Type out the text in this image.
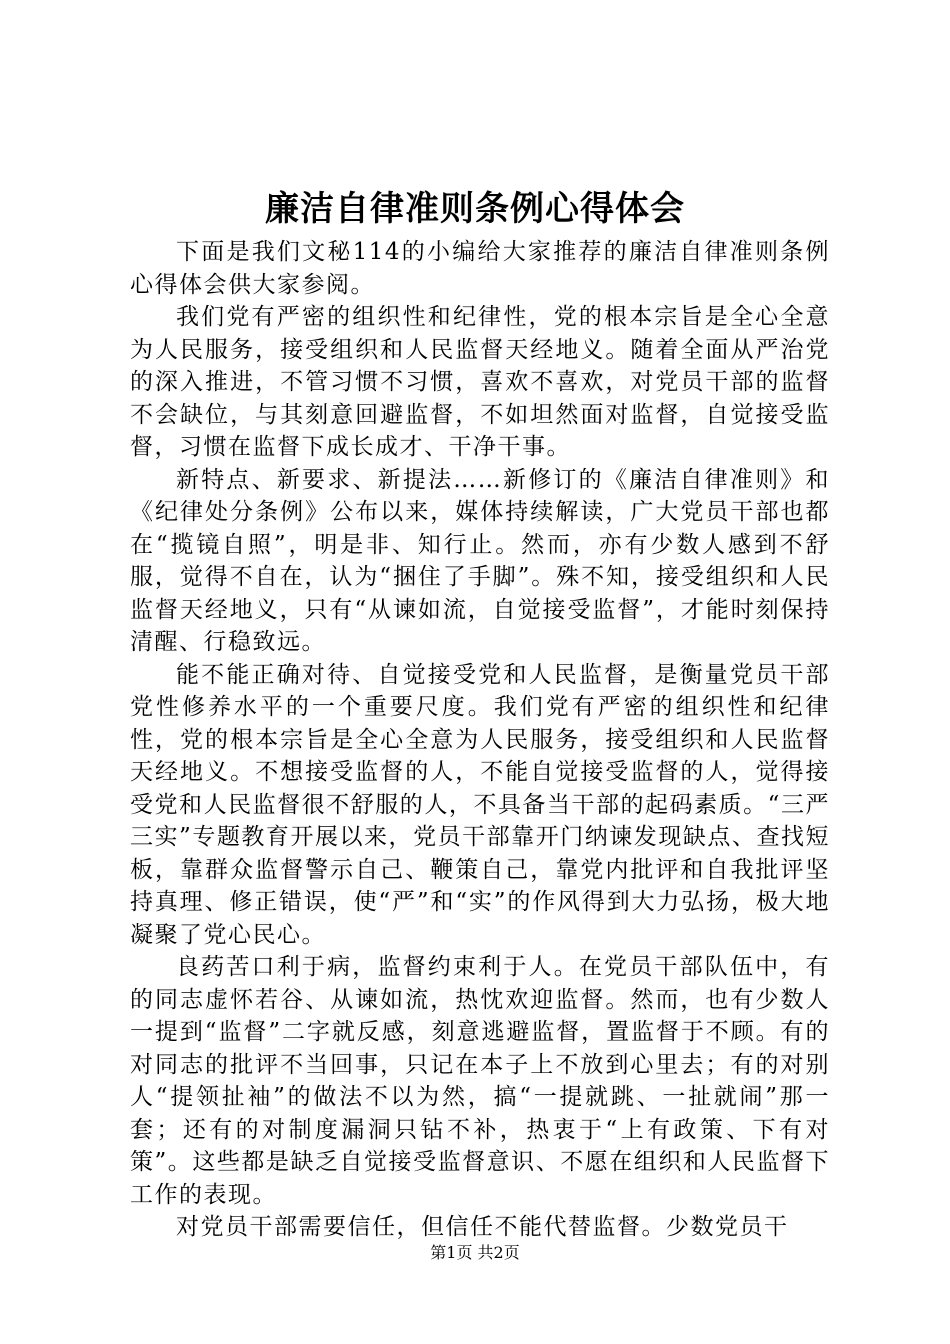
廉洁自律准则条例心得体会

下面是我们文秘114的小编给大家推荐的廉洁自律准则条例心得体会供大家参阅。

我们党有严密的组织性和纪律性，党的根本宗旨是全心全意为人民服务，接受组织和人民监督天经地义。随着全面从严治党的深入推进，不管习惯不习惯，喜欢不喜欢，对党员干部的监督不会缺位，与其刻意回避监督，不如坦然面对监督，自觉接受监督，习惯在监督下成长成才、干净干事。

新特点、新要求、新提法……新修订的《廉洁自律准则》和《纪律处分条例》公布以来，媒体持续解读，广大党员干部也都在“揽镜自照”，明是非、知行止。然而，亦有少数人感到不舒服，觉得不自在，认为“捆住了手脚”。殊不知，接受组织和人民监督天经地义，只有“从谏如流，自觉接受监督”，才能时刻保持清醒、行稳致远。

能不能正确对待、自觉接受党和人民监督，是衡量党员干部党性修养水平的一个重要尺度。我们党有严密的组织性和纪律性，党的根本宗旨是全心全意为人民服务，接受组织和人民监督天经地义。不想接受监督的人，不能自觉接受监督的人，觉得接受党和人民监督很不舒服的人，不具备当干部的起码素质。“三严三实”专题教育开展以来，党员干部靠开门纳谏发现缺点、查找短板，靠群众监督警示自己、鞭策自己，靠党内批评和自我批评坚持真理、修正错误，使“严”和“实”的作风得到大力弘扬，极大地凝聚了党心民心。

良药苦口利于病，监督约束利于人。在党员干部队伍中，有的同志虚怀若谷、从谏如流，热忱欢迎监督。然而，也有少数人一提到“监督”二字就反感，刻意逃避监督，置监督于不顾。有的对同志的批评不当回事，只记在本子上不放到心里去；有的对别人“提领扯袖”的做法不以为然，搞“一提就跳、一扯就闹”那一套；还有的对制度漏洞只钻不补，热衷于“上有政策、下有对策”。这些都是缺乏自觉接受监督意识、不愿在组织和人民监督下工作的表现。

对党员干部需要信任，但信任不能代替监督。少数党员干

第1页 共2页
